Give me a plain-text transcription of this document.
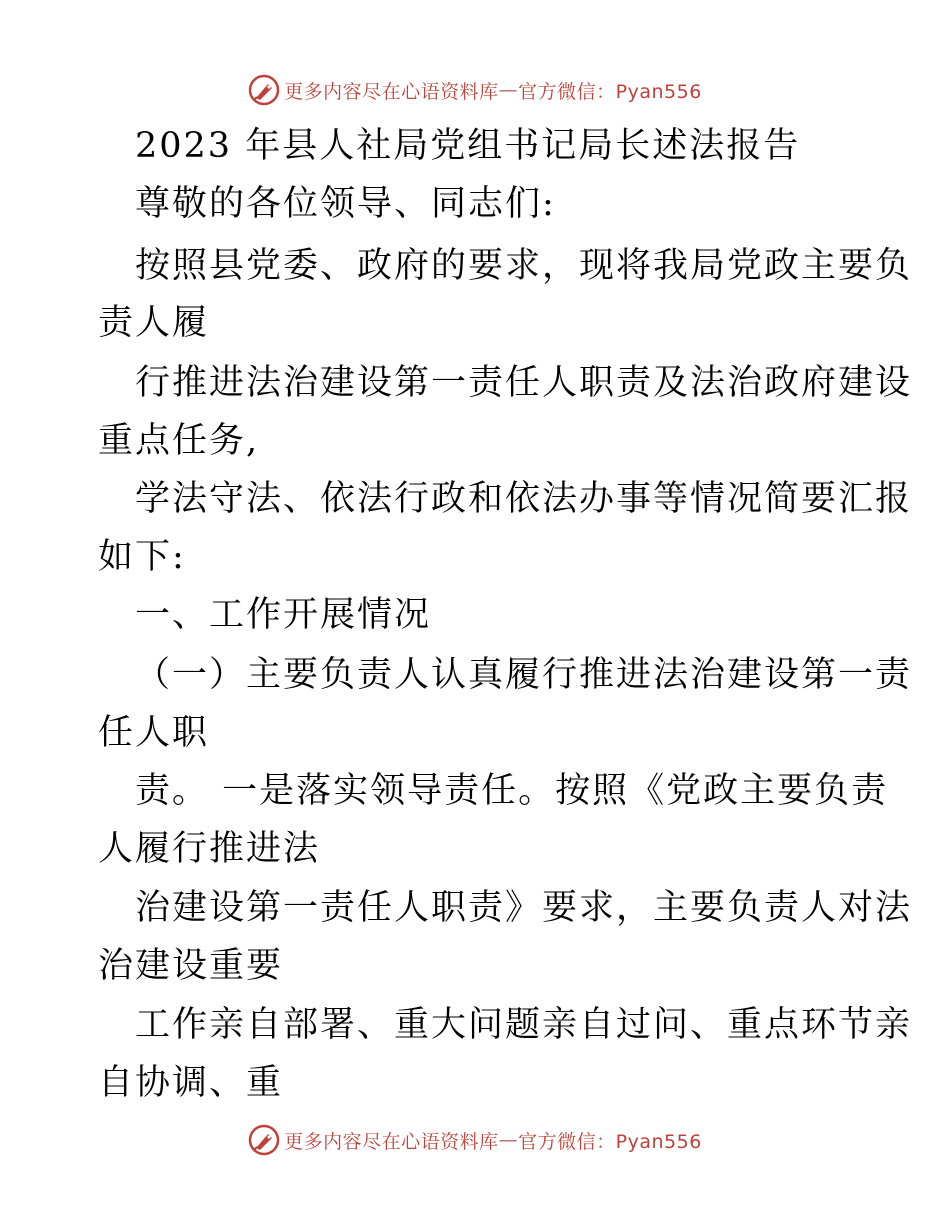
更多内容尽在心语资料库 — 官方微信：Pyan556
2023 年县人社局党组书记局长述法报告
尊敬的各位领导、同志们:
按照县党委、政府的要求，现将我局党政主要负
责人履
行推进法治建设第一责任人职责及法治政府建设
重点任务,
学法守法、依法行政和依法办事等情况简要汇报
如下:
一、工作开展情况
（一）主要负责人认真履行推进法治建设第一责
任人职
责。 一是落实领导责任。按照《党政主要负责
人履行推进法
治建设第一责任人职责》要求，主要负责人对法
治建设重要
工作亲自部署、重大问题亲自过问、重点环节亲
自协调、重
更多内容尽在心语资料库 — 官方微信：Pyan556
